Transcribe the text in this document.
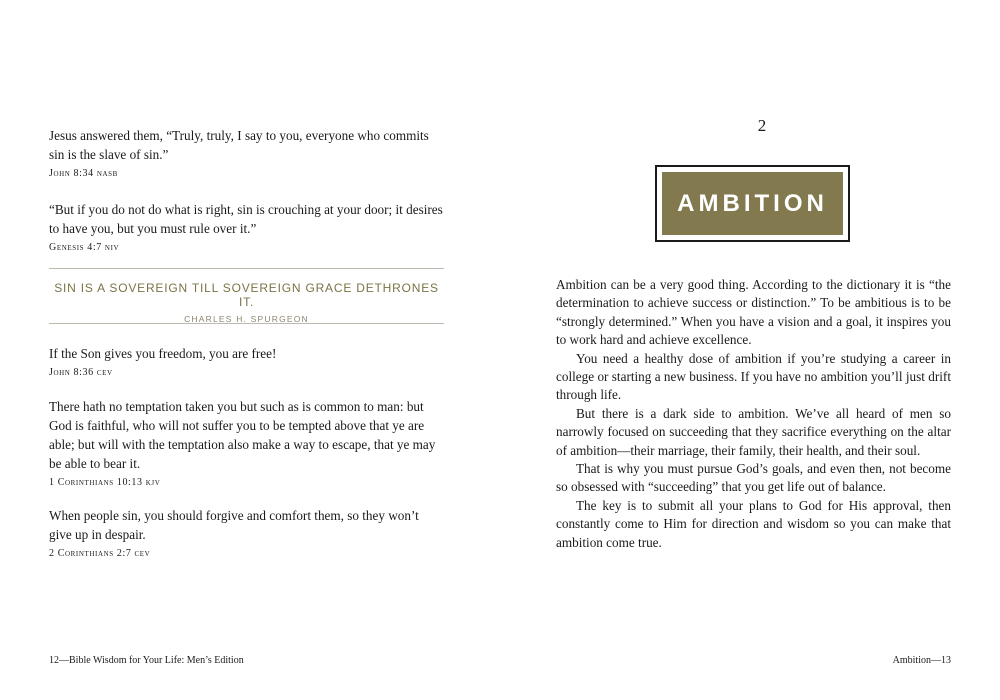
Jesus answered them, “Truly, truly, I say to you, everyone who commits sin is the slave of sin.”

John 8:34 nasb

“But if you do not do what is right, sin is crouching at your door; it desires to have you, but you must rule over it.”

Genesis 4:7 niv
SIN IS A SOVEREIGN TILL SOVEREIGN GRACE DETHRONES IT.
CHARLES H. SPURGEON

If the Son gives you freedom, you are free!

John 8:36 cev

There hath no temptation taken you but such as is common to man: but God is faithful, who will not suffer you to be tempted above that ye are able; but will with the temptation also make a way to escape, that ye may be able to bear it.

1 Corinthians 10:13 kjv

When people sin, you should forgive and comfort them, so they won’t give up in despair.

2 Corinthians 2:7 cev
12—Bible Wisdom for Your Life: Men’s Edition
2
AMBITION

Ambition can be a very good thing. According to the dictionary it is “the determination to achieve success or distinction.” To be ambitious is to be “strongly determined.” When you have a vision and a goal, it inspires you to work hard and achieve excellence.

You need a healthy dose of ambition if you’re studying a career in college or starting a new business. If you have no ambition you’ll just drift through life.

But there is a dark side to ambition. We’ve all heard of men so narrowly focused on succeeding that they sacrifice everything on the altar of ambition—their marriage, their family, their health, and their soul.

That is why you must pursue God’s goals, and even then, not become so obsessed with “succeeding” that you get life out of balance.

The key is to submit all your plans to God for His approval, then constantly come to Him for direction and wisdom so you can make that ambition come true.

Ambition—13
